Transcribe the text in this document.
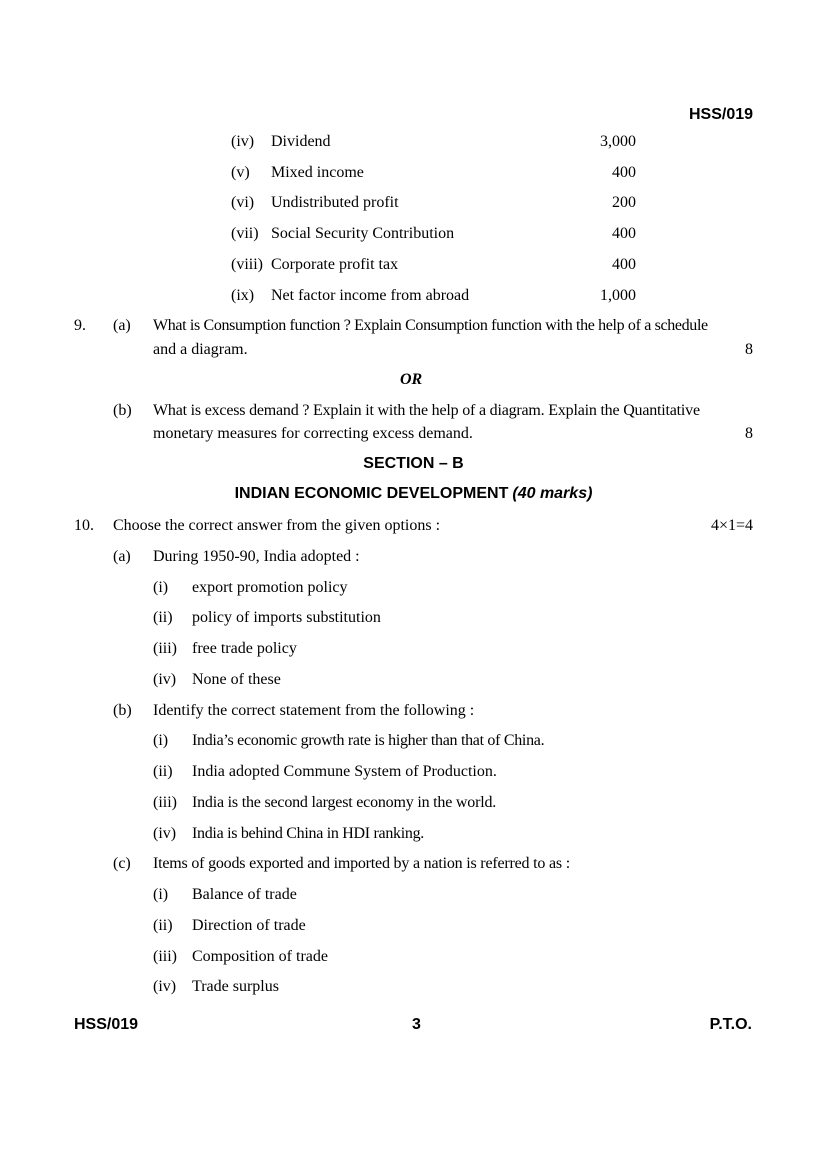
HSS/019
(iv) Dividend	3,000
(v) Mixed income	400
(vi) Undistributed profit	200
(vii) Social Security Contribution	400
(viii) Corporate profit tax	400
(ix) Net factor income from abroad	1,000
9. (a) What is Consumption function ? Explain Consumption function with the help of a schedule
and a diagram.	8
OR
(b) What is excess demand ? Explain it with the help of a diagram. Explain the Quantitative
monetary measures for correcting excess demand.	8
SECTION – B
INDIAN ECONOMIC DEVELOPMENT (40 marks)
10. Choose the correct answer from the given options :	4×1=4
(a) During 1950-90, India adopted :
(i) export promotion policy
(ii) policy of imports substitution
(iii) free trade policy
(iv) None of these
(b) Identify the correct statement from the following :
(i) India’s economic growth rate is higher than that of China.
(ii) India adopted Commune System of Production.
(iii) India is the second largest economy in the world.
(iv) India is behind China in HDI ranking.
(c) Items of goods exported and imported by a nation is referred to as :
(i) Balance of trade
(ii) Direction of trade
(iii) Composition of trade
(iv) Trade surplus
HSS/019	3	P.T.O.
